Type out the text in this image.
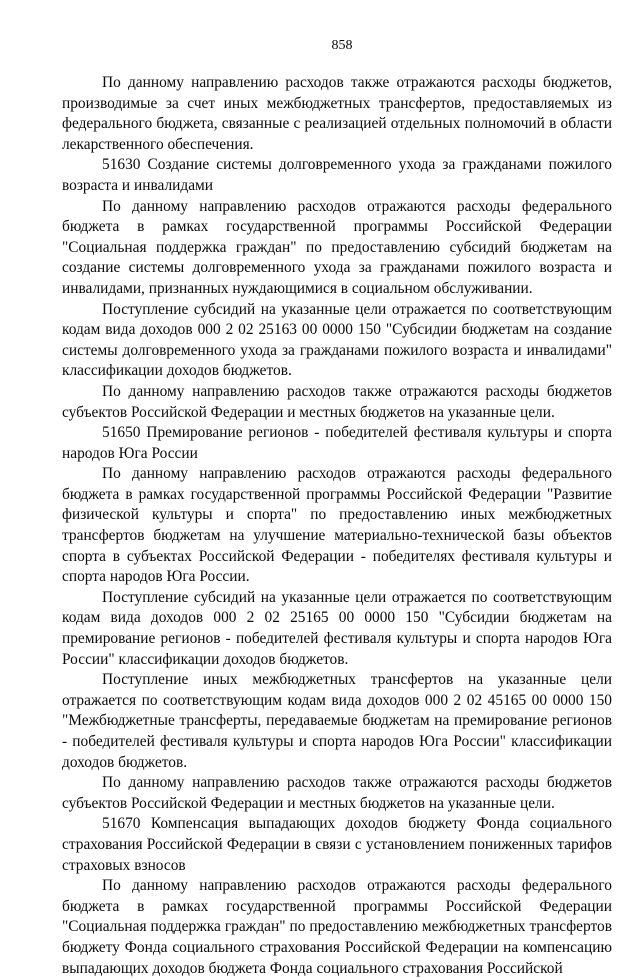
858

По данному направлению расходов также отражаются расходы бюджетов, производимые за счет иных межбюджетных трансфертов, предоставляемых из федерального бюджета, связанные с реализацией отдельных полномочий в области лекарственного обеспечения.

51630 Создание системы долговременного ухода за гражданами пожилого возраста и инвалидами

По данному направлению расходов отражаются расходы федерального бюджета в рамках государственной программы Российской Федерации "Социальная поддержка граждан" по предоставлению субсидий бюджетам на создание системы долговременного ухода за гражданами пожилого возраста и инвалидами, признанных нуждающимися в социальном обслуживании.

Поступление субсидий на указанные цели отражается по соответствующим кодам вида доходов 000 2 02 25163 00 0000 150 "Субсидии бюджетам на создание системы долговременного ухода за гражданами пожилого возраста и инвалидами" классификации доходов бюджетов.

По данному направлению расходов также отражаются расходы бюджетов субъектов Российской Федерации и местных бюджетов на указанные цели.

51650 Премирование регионов - победителей фестиваля культуры и спорта народов Юга России

По данному направлению расходов отражаются расходы федерального бюджета в рамках государственной программы Российской Федерации "Развитие физической культуры и спорта" по предоставлению иных межбюджетных трансфертов бюджетам на улучшение материально-технической базы объектов спорта в субъектах Российской Федерации - победителях фестиваля культуры и спорта народов Юга России.

Поступление субсидий на указанные цели отражается по соответствующим кодам вида доходов 000 2 02 25165 00 0000 150 "Субсидии бюджетам на премирование регионов - победителей фестиваля культуры и спорта народов Юга России" классификации доходов бюджетов.

Поступление иных межбюджетных трансфертов на указанные цели отражается по соответствующим кодам вида доходов 000 2 02 45165 00 0000 150 "Межбюджетные трансферты, передаваемые бюджетам на премирование регионов - победителей фестиваля культуры и спорта народов Юга России" классификации доходов бюджетов.

По данному направлению расходов также отражаются расходы бюджетов субъектов Российской Федерации и местных бюджетов на указанные цели.

51670 Компенсация выпадающих доходов бюджету Фонда социального страхования Российской Федерации в связи с установлением пониженных тарифов страховых взносов

По данному направлению расходов отражаются расходы федерального бюджета в рамках государственной программы Российской Федерации "Социальная поддержка граждан" по предоставлению межбюджетных трансфертов бюджету Фонда социального страхования Российской Федерации на компенсацию выпадающих доходов бюджета Фонда социального страхования Российской
